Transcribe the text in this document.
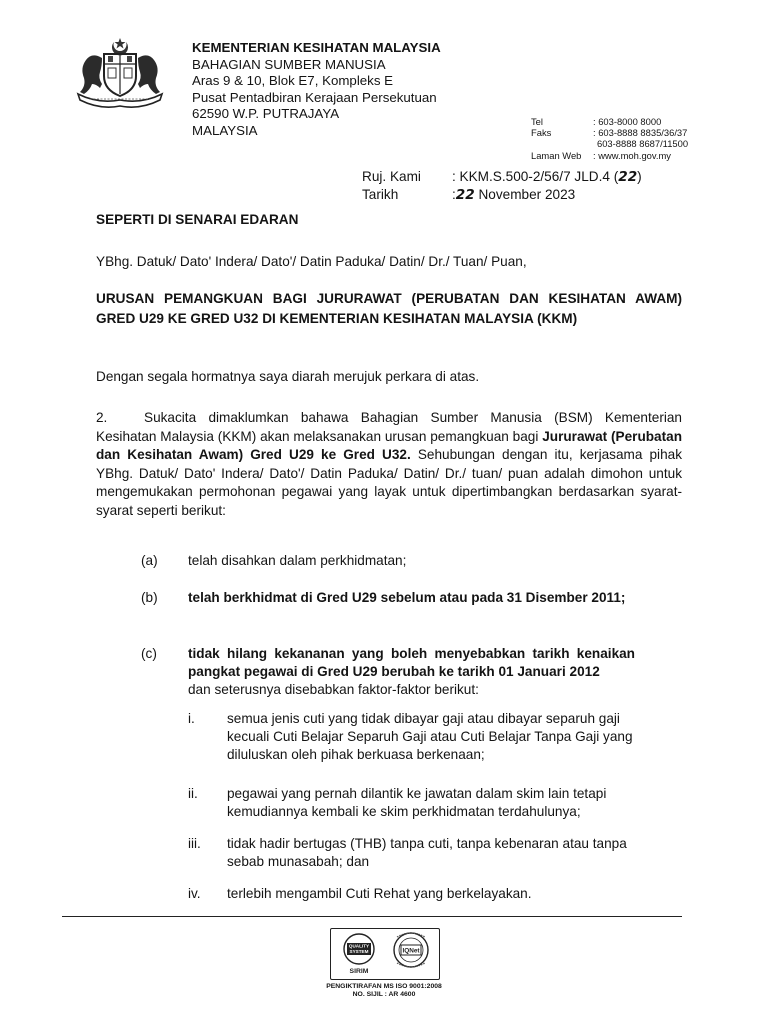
KEMENTERIAN KESIHATAN MALAYSIA
BAHAGIAN SUMBER MANUSIA
Aras 9 & 10, Blok E7, Kompleks E
Pusat Pentadbiran Kerajaan Persekutuan
62590 W.P. PUTRAJAYA
MALAYSIA
Tel	: 603-8000 8000
Faks	: 603-8888 8835/36/37
603-8888 8687/11500
Laman Web	: www.moh.gov.my
Ruj. Kami	: KKM.S.500-2/56/7 JLD.4 (22)
Tarikh	:22 November 2023
SEPERTI DI SENARAI EDARAN
YBhg. Datuk/ Dato' Indera/ Dato'/ Datin Paduka/ Datin/ Dr./ Tuan/ Puan,
URUSAN PEMANGKUAN BAGI JURURAWAT (PERUBATAN DAN KESIHATAN AWAM) GRED U29 KE GRED U32 DI KEMENTERIAN KESIHATAN MALAYSIA (KKM)
Dengan segala hormatnya saya diarah merujuk perkara di atas.
2.	Sukacita dimaklumkan bahawa Bahagian Sumber Manusia (BSM) Kementerian Kesihatan Malaysia (KKM) akan melaksanakan urusan pemangkuan bagi Jururawat (Perubatan dan Kesihatan Awam) Gred U29 ke Gred U32. Sehubungan dengan itu, kerjasama pihak YBhg. Datuk/ Dato' Indera/ Dato'/ Datin Paduka/ Datin/ Dr./ tuan/ puan adalah dimohon untuk mengemukakan permohonan pegawai yang layak untuk dipertimbangkan berdasarkan syarat-syarat seperti berikut:
(a) telah disahkan dalam perkhidmatan;
(b) telah berkhidmat di Gred U29 sebelum atau pada 31 Disember 2011;
(c) tidak hilang kekananan yang boleh menyebabkan tarikh kenaikan pangkat pegawai di Gred U29 berubah ke tarikh 01 Januari 2012
dan seterusnya disebabkan faktor-faktor berikut:
i. semua jenis cuti yang tidak dibayar gaji atau dibayar separuh gaji kecuali Cuti Belajar Separuh Gaji atau Cuti Belajar Tanpa Gaji yang diluluskan oleh pihak berkuasa berkenaan;
ii. pegawai yang pernah dilantik ke jawatan dalam skim lain tetapi kemudiannya kembali ke skim perkhidmatan terdahulunya;
iii. tidak hadir bertugas (THB) tanpa cuti, tanpa kebenaran atau tanpa sebab munasabah; dan
iv. terlebih mengambil Cuti Rehat yang berkelayakan.
QUALITY
SYSTEM
SIRIM
IQNet
PENGIKTIRAFAN MS ISO 9001:2008
NO. SIJIL : AR 4600
